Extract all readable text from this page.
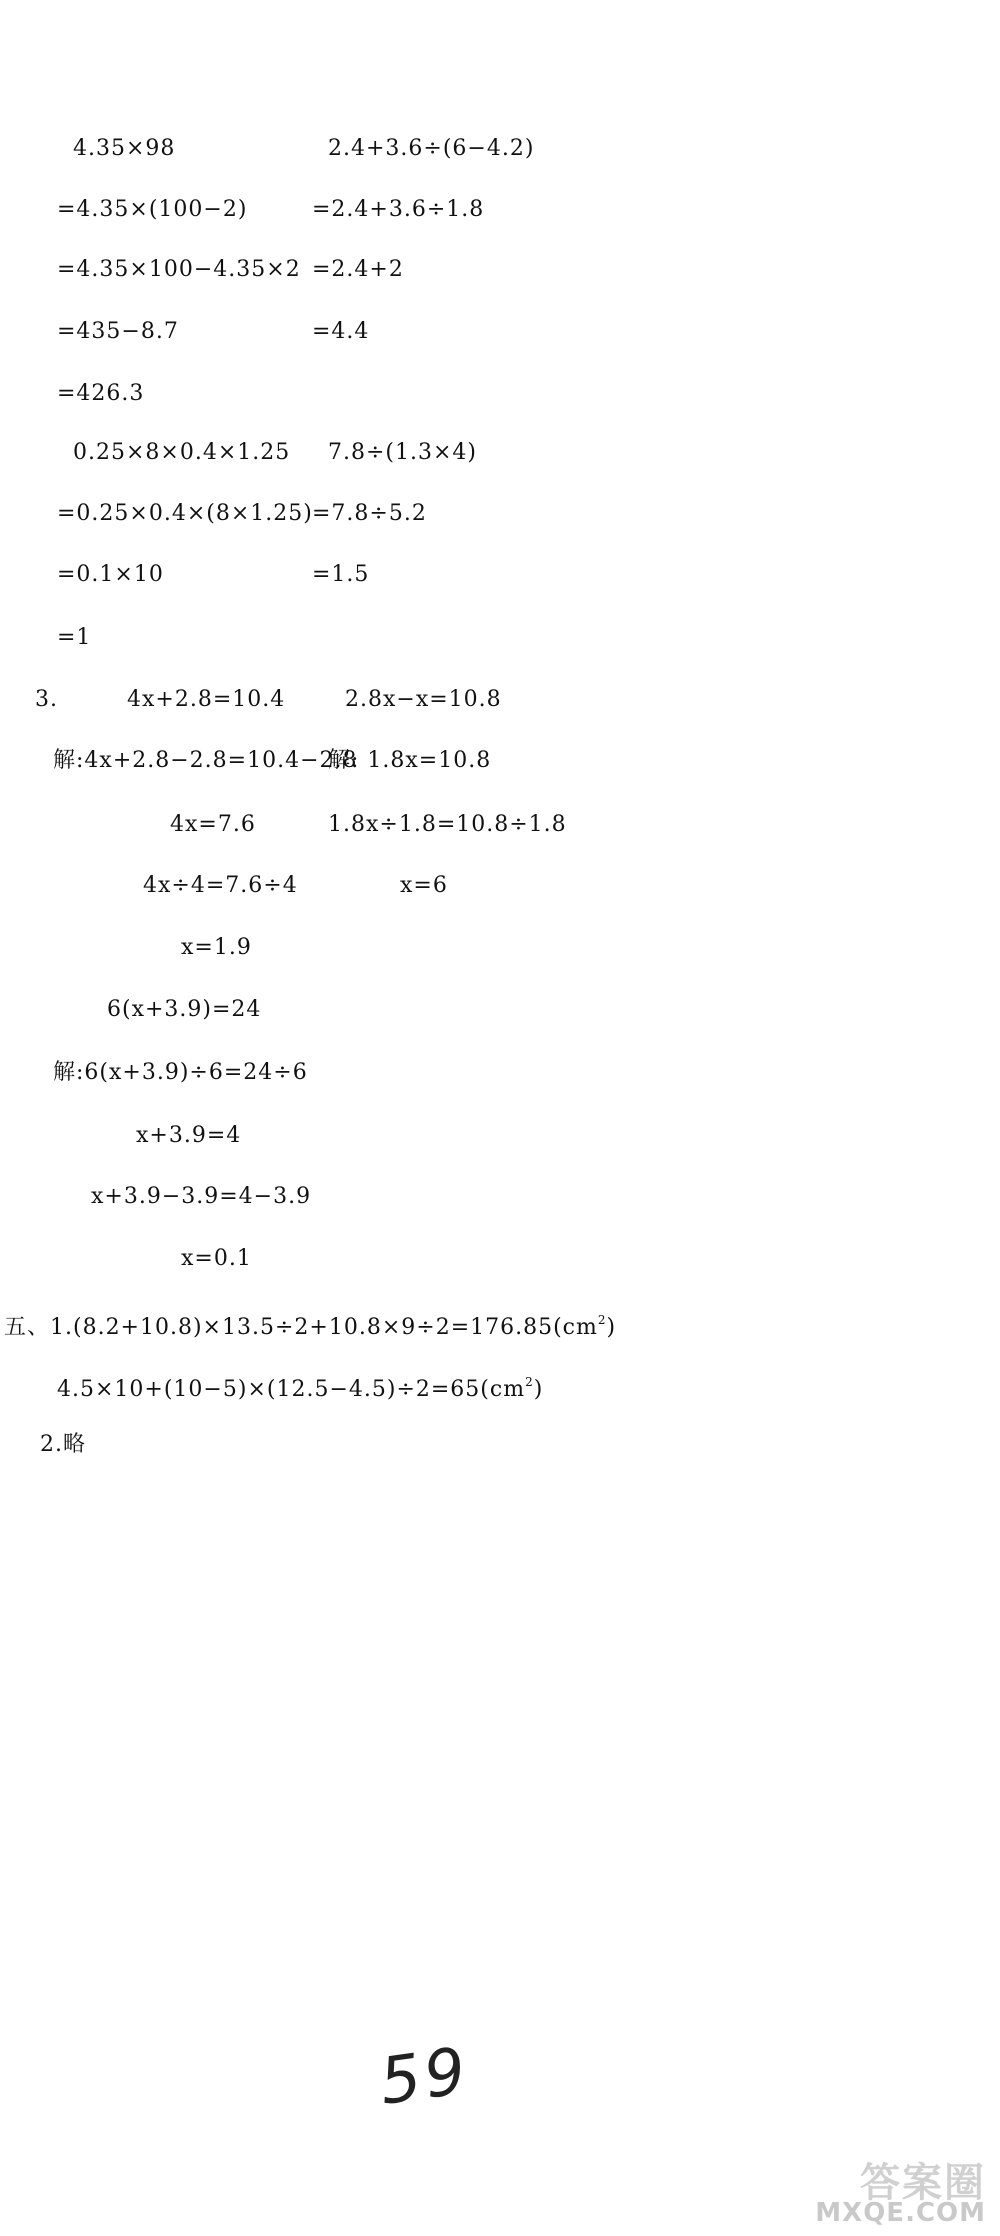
4.35×98
=4.35×(100−2)
=4.35×100−4.35×2
=435−8.7
=426.3
2.4+3.6÷(6−4.2)
=2.4+3.6÷1.8
=2.4+2
=4.4
0.25×8×0.4×1.25
=0.25×0.4×(8×1.25)
=0.1×10
=1
7.8÷(1.3×4)
=7.8÷5.2
=1.5
3.	4x+2.8=10.4	2.8x−x=10.8
解:4x+2.8−2.8=10.4−2.8
4x=7.6
4x÷4=7.6÷4
x=1.9
解: 1.8x=10.8
1.8x÷1.8=10.8÷1.8
x=6
6(x+3.9)=24
解:6(x+3.9)÷6=24÷6
x+3.9=4
x+3.9−3.9=4−3.9
x=0.1
五、$1.(8.2+10.8)\times 13.5\div 2+10.8\times 9\div 2=176.85(cm^2)$
$4.5\times 10+(10-5)\times(12.5-4.5)\div 2=65(cm^2)$
2.略
59
答案圈
MXQE.COM
